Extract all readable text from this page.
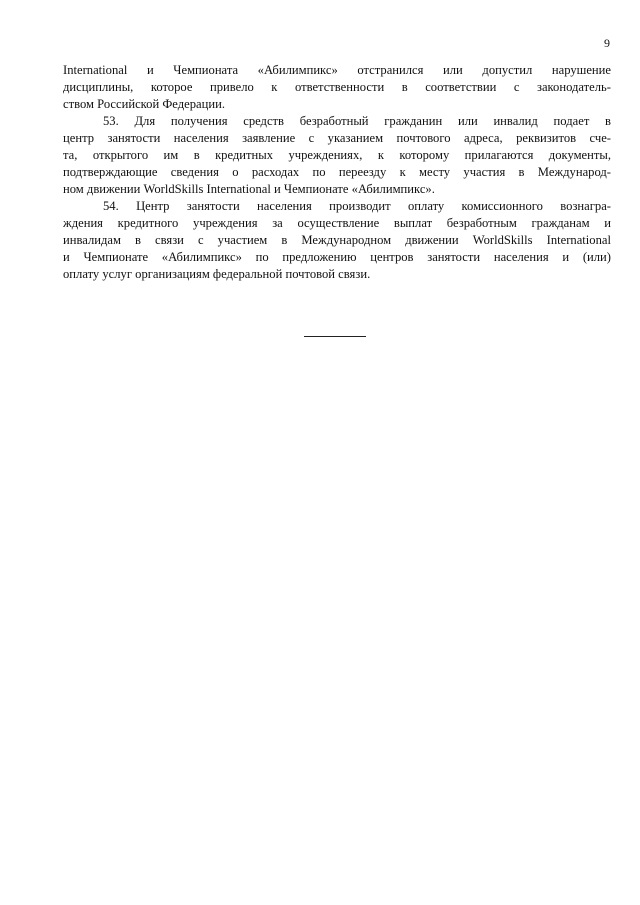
9
International и Чемпионата «Абилимпикс» отстранился или допустил нарушение
дисциплины, которое привело к ответственности в соответствии с законодатель-
ством Российской Федерации.
53. Для получения средств безработный гражданин или инвалид подает в
центр занятости населения заявление с указанием почтового адреса, реквизитов сче-
та, открытого им в кредитных учреждениях, к которому прилагаются документы,
подтверждающие сведения о расходах по переезду к месту участия в Международ-
ном движении WorldSkills International и Чемпионате «Абилимпикс».
54. Центр занятости населения производит оплату комиссионного вознагра-
ждения кредитного учреждения за осуществление выплат безработным гражданам и
инвалидам в связи с участием в Международном движении WorldSkills International
и Чемпионате «Абилимпикс» по предложению центров занятости населения и (или)
оплату услуг организациям федеральной почтовой связи.
